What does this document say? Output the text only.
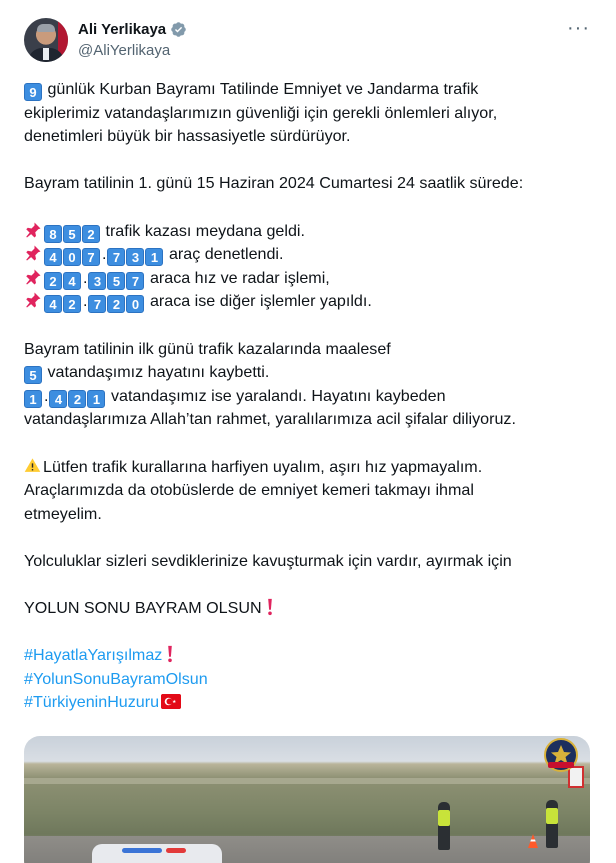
Ali Yerlikaya
@AliYerlikaya
···
9 günlük Kurban Bayramı Tatilinde Emniyet ve Jandarma trafik
ekiplerimiz vatandaşlarımızın güvenliği için gerekli önlemleri alıyor,
denetimleri büyük bir hassasiyetle sürdürüyor.
Bayram tatilinin 1. günü 15 Haziran 2024 Cumartesi 24 saatlik sürede:
8 5 2 trafik kazası meydana geldi.
4 0 7 . 7 3 1 araç denetlendi.
2 4 . 3 5 7 araca hız ve radar işlemi,
4 2 . 7 2 0 araca ise diğer işlemler yapıldı.
Bayram tatilinin ilk günü trafik kazalarında maalesef
5 vatandaşımız hayatını kaybetti.
1 . 4 2 1 vatandaşımız ise yaralandı. Hayatını kaybeden
vatandaşlarımıza Allah’tan rahmet, yaralılarımıza acil şifalar diliyoruz.
Lütfen trafik kurallarına harfiyen uyalım, aşırı hız yapmayalım.
Araçlarımızda da otobüslerde de emniyet kemeri takmayı ihmal
etmeyelim.
Yolculuklar sizleri sevdiklerinize kavuşturmak için vardır, ayırmak için
YOLUN SONU BAYRAM OLSUN
#HayatlaYarışılmaz
#YolunSonuBayramOlsun
#TürkiyeninHuzuru
